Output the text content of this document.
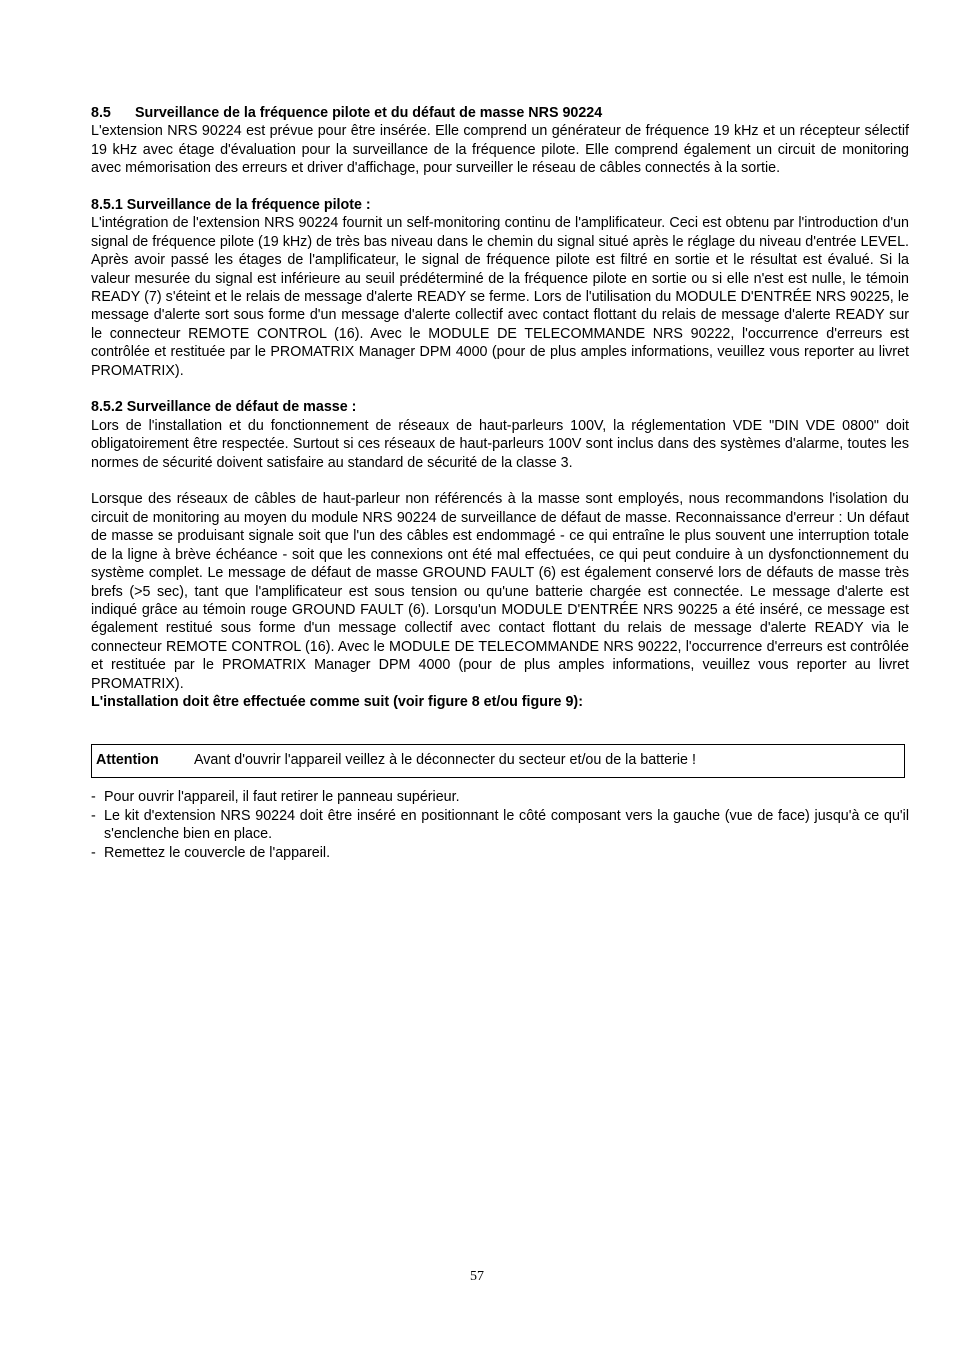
8.5 Surveillance de la fréquence pilote et du défaut de masse NRS 90224

L'extension NRS 90224 est prévue pour être insérée. Elle comprend un générateur de fréquence 19 kHz et un récepteur sélectif 19 kHz avec étage d'évaluation pour la surveillance de la fréquence pilote. Elle comprend également un circuit de monitoring avec mémorisation des erreurs et driver d'affichage, pour surveiller le réseau de câbles connectés à la sortie.

8.5.1 Surveillance de la fréquence pilote :

L'intégration de l'extension NRS 90224 fournit un self-monitoring continu de l'amplificateur. Ceci est obtenu par l'introduction d'un signal de fréquence pilote (19 kHz) de très bas niveau dans le chemin du signal situé après le réglage du niveau d'entrée LEVEL. Après avoir passé les étages de l'amplificateur, le signal de fréquence pilote est filtré en sortie et le résultat est évalué. Si la valeur mesurée du signal est inférieure au seuil prédéterminé de la fréquence pilote en sortie ou si elle n'est est nulle, le témoin READY (7) s'éteint et le relais de message d'alerte READY se ferme. Lors de l'utilisation du MODULE D'ENTRÉE NRS 90225, le message d'alerte sort sous forme d'un message d'alerte collectif avec contact flottant du relais de message d'alerte READY sur le connecteur REMOTE CONTROL (16). Avec le MODULE DE TELECOMMANDE NRS 90222, l'occurrence d'erreurs est contrôlée et restituée par le PROMATRIX Manager DPM 4000 (pour de plus amples informations, veuillez vous reporter au livret PROMATRIX).

8.5.2 Surveillance de défaut de masse :

Lors de l'installation et du fonctionnement de réseaux de haut-parleurs 100V, la réglementation VDE "DIN VDE 0800" doit obligatoirement être respectée. Surtout si ces réseaux de haut-parleurs 100V sont inclus dans des systèmes d'alarme, toutes les normes de sécurité doivent satisfaire au standard de sécurité de la classe 3.

Lorsque des réseaux de câbles de haut-parleur non référencés à la masse sont employés, nous recommandons l'isolation du circuit de monitoring au moyen du module NRS 90224 de surveillance de défaut de masse. Reconnaissance d'erreur : Un défaut de masse se produisant signale soit que l'un des câbles est endommagé - ce qui entraîne le plus souvent une interruption totale de la ligne à brève échéance - soit que les connexions ont été mal effectuées, ce qui peut conduire à un dysfonctionnement du système complet. Le message de défaut de masse GROUND FAULT (6) est également conservé lors de défauts de masse très brefs (>5 sec), tant que l'amplificateur est sous tension ou qu'une batterie chargée est connectée. Le message d'alerte est indiqué grâce au témoin rouge GROUND FAULT (6). Lorsqu'un MODULE D'ENTRÉE NRS 90225 a été inséré, ce message est également restitué sous forme d'un message collectif avec contact flottant du relais de message d'alerte READY via le connecteur REMOTE CONTROL (16). Avec le MODULE DE TELECOMMANDE NRS 90222, l'occurrence d'erreurs est contrôlée et restituée par le PROMATRIX Manager DPM 4000 (pour de plus amples informations, veuillez vous reporter au livret PROMATRIX).

L'installation doit être effectuée comme suit (voir figure 8 et/ou figure 9):

Attention	Avant d'ouvrir l'appareil veillez à le déconnecter du secteur et/ou de la batterie !
- Pour ouvrir l'appareil, il faut retirer le panneau supérieur.
- Le kit d'extension NRS 90224 doit être inséré en positionnant le côté composant vers la gauche (vue de face) jusqu'à ce qu'il s'enclenche bien en place.
- Remettez le couvercle de l'appareil.
57
